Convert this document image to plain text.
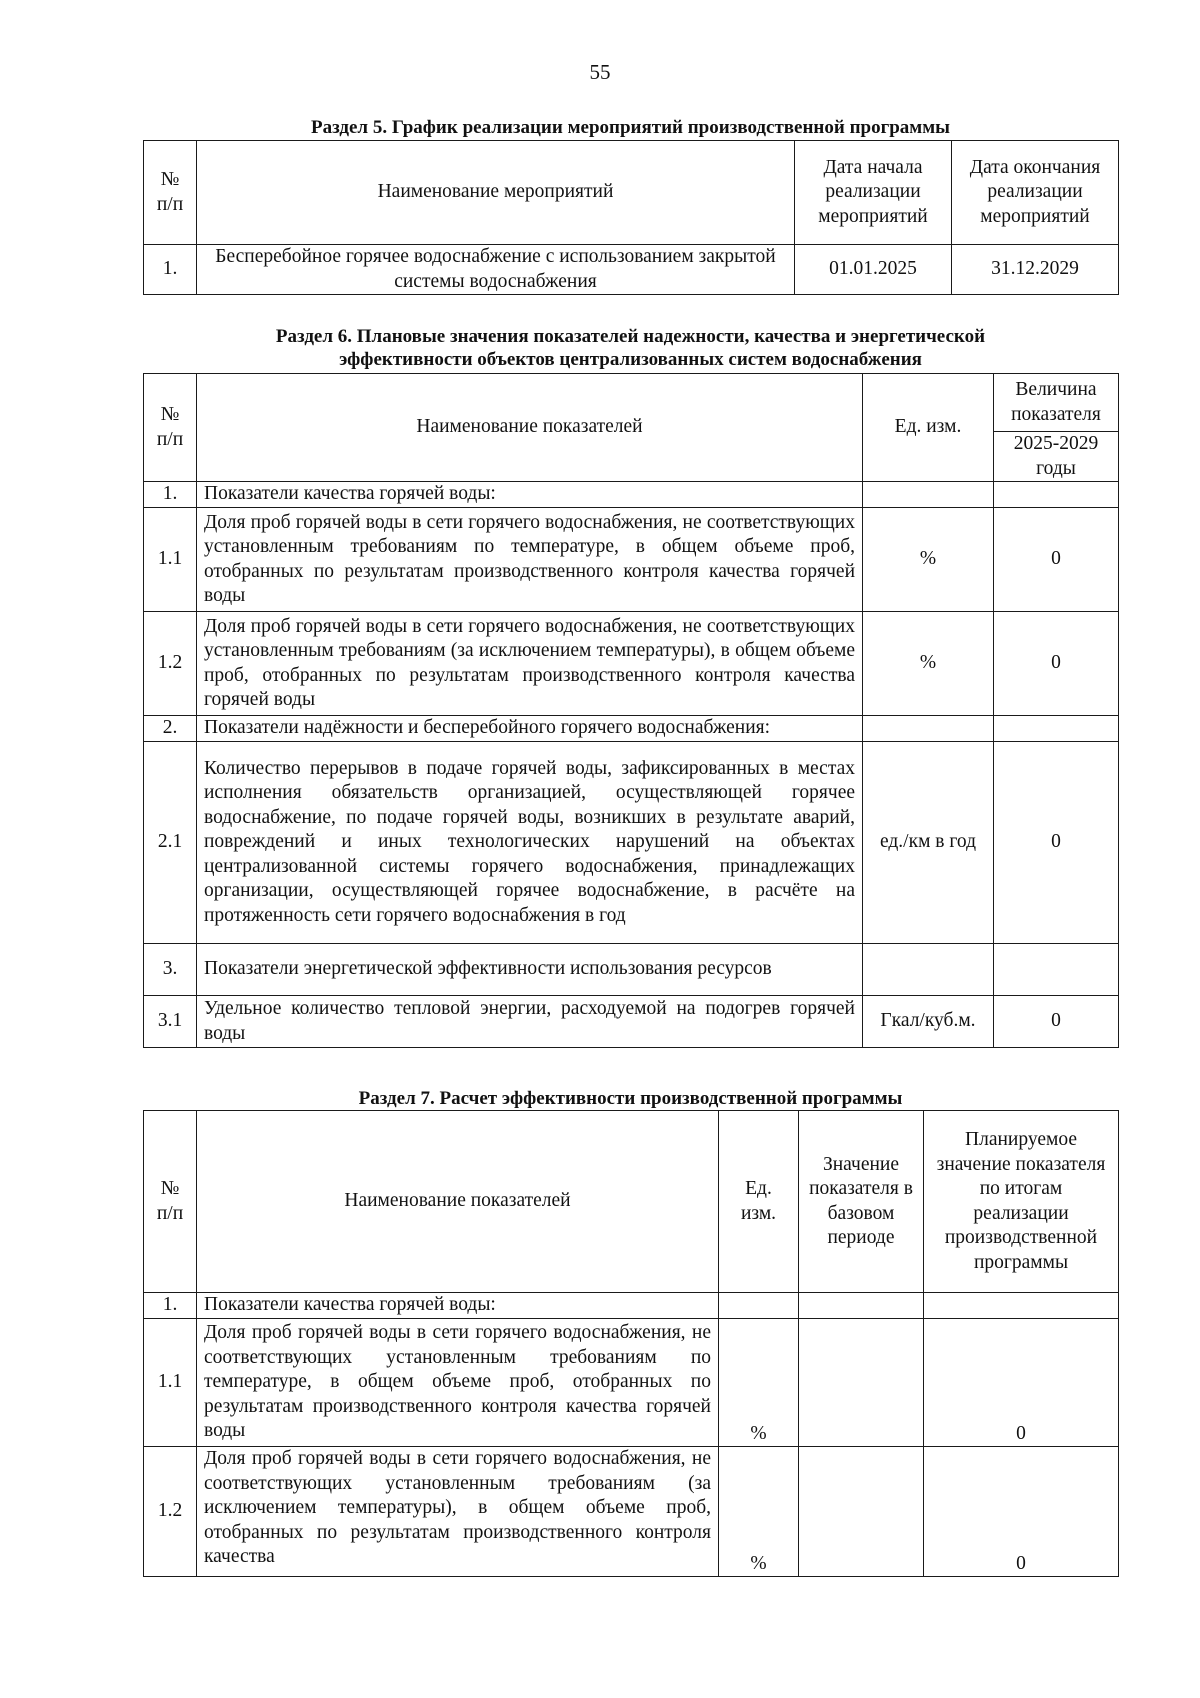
55
Раздел 5. График реализации мероприятий производственной программы
№ п/п	Наименование мероприятий	Дата начала реализации мероприятий	Дата окончания реализации мероприятий
1.	Бесперебойное горячее водоснабжение с использованием закрытой системы водоснабжения	01.01.2025	31.12.2029
Раздел 6. Плановые значения показателей надежности, качества и энергетической
эффективности объектов централизованных систем водоснабжения
№ п/п	Наименование показателей	Ед. изм.	Величина показателя
			2025-2029 годы
1.	Показатели качества горячей воды:		
1.1	Доля проб горячей воды в сети горячего водоснабжения, не соответствующих установленным требованиям по температуре, в общем объеме проб, отобранных по результатам производственного контроля качества горячей воды	%	0
1.2	Доля проб горячей воды в сети горячего водоснабжения, не соответствующих установленным требованиям (за исключением температуры), в общем объеме проб, отобранных по результатам производственного контроля качества горячей воды	%	0
2.	Показатели надёжности и бесперебойного горячего водоснабжения:		
2.1	Количество перерывов в подаче горячей воды, зафиксированных в местах исполнения обязательств организацией, осуществляющей горячее водоснабжение, по подаче горячей воды, возникших в результате аварий, повреждений и иных технологических нарушений на объектах централизованной системы горячего водоснабжения, принадлежащих организации, осуществляющей горячее водоснабжение, в расчёте на протяженность сети горячего водоснабжения в год	ед./км в год	0
3.	Показатели энергетической эффективности использования ресурсов		
3.1	Удельное количество тепловой энергии, расходуемой на подогрев горячей воды	Гкал/куб.м.	0
Раздел 7. Расчет эффективности производственной программы
№ п/п	Наименование показателей	Ед. изм.	Значение показателя в базовом периоде	Планируемое значение показателя по итогам реализации производственной программы
1.	Показатели качества горячей воды:			
1.1	Доля проб горячей воды в сети горячего водоснабжения, не соответствующих установленным требованиям по температуре, в общем объеме проб, отобранных по результатам производственного контроля качества горячей воды	%		0
1.2	Доля проб горячей воды в сети горячего водоснабжения, не соответствующих установленным требованиям (за исключением температуры), в общем объеме проб, отобранных по результатам производственного контроля качества	%		0
